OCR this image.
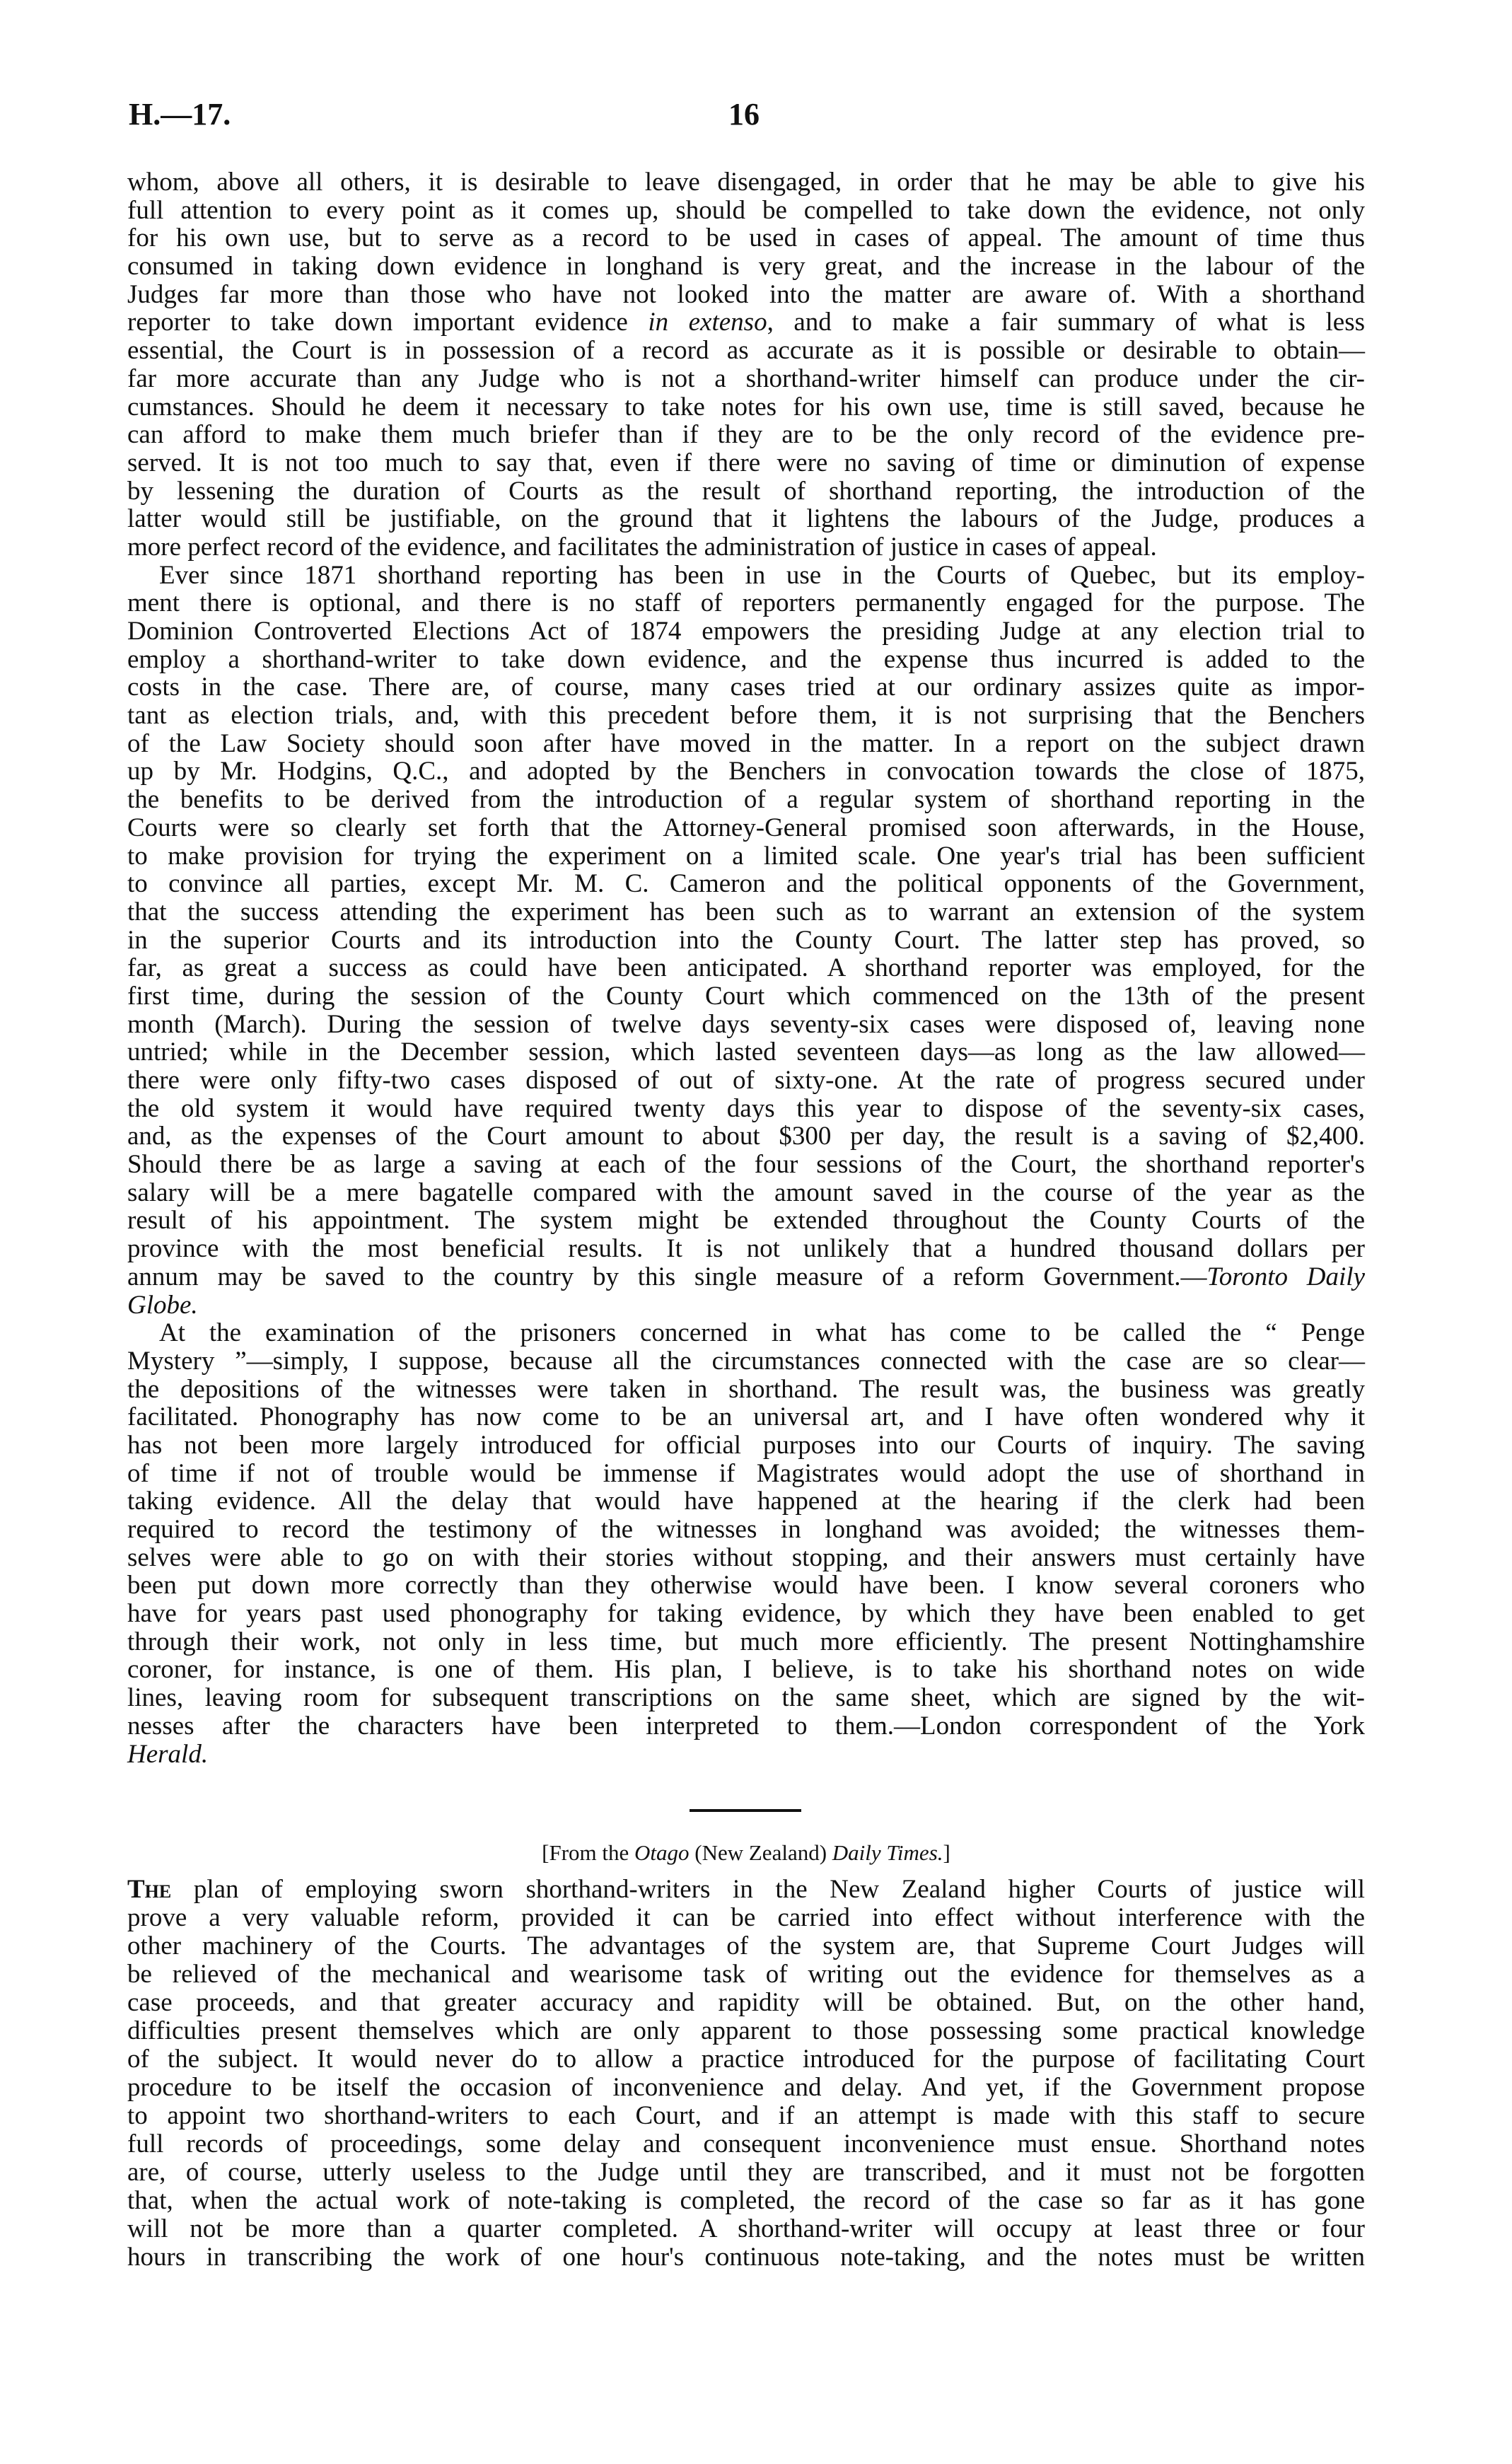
H.—17.	16
whom, above all others, it is desirable to leave disengaged, in order that he may be able to give his
full attention to every point as it comes up, should be compelled to take down the evidence, not only
for his own use, but to serve as a record to be used in cases of appeal. The amount of time thus
consumed in taking down evidence in longhand is very great, and the increase in the labour of the
Judges far more than those who have not looked into the matter are aware of. With a shorthand
reporter to take down important evidence in extenso, and to make a fair summary of what is less
essential, the Court is in possession of a record as accurate as it is possible or desirable to obtain—
far more accurate than any Judge who is not a shorthand-writer himself can produce under the cir-
cumstances. Should he deem it necessary to take notes for his own use, time is still saved, because he
can afford to make them much briefer than if they are to be the only record of the evidence pre-
served. It is not too much to say that, even if there were no saving of time or diminution of expense
by lessening the duration of Courts as the result of shorthand reporting, the introduction of the
latter would still be justifiable, on the ground that it lightens the labours of the Judge, produces a
more perfect record of the evidence, and facilitates the administration of justice in cases of appeal.
Ever since 1871 shorthand reporting has been in use in the Courts of Quebec, but its employ-
ment there is optional, and there is no staff of reporters permanently engaged for the purpose. The
Dominion Controverted Elections Act of 1874 empowers the presiding Judge at any election trial to
employ a shorthand-writer to take down evidence, and the expense thus incurred is added to the
costs in the case. There are, of course, many cases tried at our ordinary assizes quite as impor-
tant as election trials, and, with this precedent before them, it is not surprising that the Benchers
of the Law Society should soon after have moved in the matter. In a report on the subject drawn
up by Mr. Hodgins, Q.C., and adopted by the Benchers in convocation towards the close of 1875,
the benefits to be derived from the introduction of a regular system of shorthand reporting in the
Courts were so clearly set forth that the Attorney-General promised soon afterwards, in the House,
to make provision for trying the experiment on a limited scale. One year's trial has been sufficient
to convince all parties, except Mr. M. C. Cameron and the political opponents of the Government,
that the success attending the experiment has been such as to warrant an extension of the system
in the superior Courts and its introduction into the County Court. The latter step has proved, so
far, as great a success as could have been anticipated. A shorthand reporter was employed, for the
first time, during the session of the County Court which commenced on the 13th of the present
month (March). During the session of twelve days seventy-six cases were disposed of, leaving none
untried; while in the December session, which lasted seventeen days—as long as the law allowed—
there were only fifty-two cases disposed of out of sixty-one. At the rate of progress secured under
the old system it would have required twenty days this year to dispose of the seventy-six cases,
and, as the expenses of the Court amount to about $300 per day, the result is a saving of $2,400.
Should there be as large a saving at each of the four sessions of the Court, the shorthand reporter's
salary will be a mere bagatelle compared with the amount saved in the course of the year as the
result of his appointment. The system might be extended throughout the County Courts of the
province with the most beneficial results. It is not unlikely that a hundred thousand dollars per
annum may be saved to the country by this single measure of a reform Government.—Toronto Daily
Globe.
At the examination of the prisoners concerned in what has come to be called the “ Penge
Mystery ”—simply, I suppose, because all the circumstances connected with the case are so clear—
the depositions of the witnesses were taken in shorthand. The result was, the business was greatly
facilitated. Phonography has now come to be an universal art, and I have often wondered why it
has not been more largely introduced for official purposes into our Courts of inquiry. The saving
of time if not of trouble would be immense if Magistrates would adopt the use of shorthand in
taking evidence. All the delay that would have happened at the hearing if the clerk had been
required to record the testimony of the witnesses in longhand was avoided; the witnesses them-
selves were able to go on with their stories without stopping, and their answers must certainly have
been put down more correctly than they otherwise would have been. I know several coroners who
have for years past used phonography for taking evidence, by which they have been enabled to get
through their work, not only in less time, but much more efficiently. The present Nottinghamshire
coroner, for instance, is one of them. His plan, I believe, is to take his shorthand notes on wide
lines, leaving room for subsequent transcriptions on the same sheet, which are signed by the wit-
nesses after the characters have been interpreted to them.—London correspondent of the York
Herald.
[From the Otago (New Zealand) Daily Times.]
The plan of employing sworn shorthand-writers in the New Zealand higher Courts of justice will
prove a very valuable reform, provided it can be carried into effect without interference with the
other machinery of the Courts. The advantages of the system are, that Supreme Court Judges will
be relieved of the mechanical and wearisome task of writing out the evidence for themselves as a
case proceeds, and that greater accuracy and rapidity will be obtained. But, on the other hand,
difficulties present themselves which are only apparent to those possessing some practical knowledge
of the subject. It would never do to allow a practice introduced for the purpose of facilitating Court
procedure to be itself the occasion of inconvenience and delay. And yet, if the Government propose
to appoint two shorthand-writers to each Court, and if an attempt is made with this staff to secure
full records of proceedings, some delay and consequent inconvenience must ensue. Shorthand notes
are, of course, utterly useless to the Judge until they are transcribed, and it must not be forgotten
that, when the actual work of note-taking is completed, the record of the case so far as it has gone
will not be more than a quarter completed. A shorthand-writer will occupy at least three or four
hours in transcribing the work of one hour's continuous note-taking, and the notes must be written
